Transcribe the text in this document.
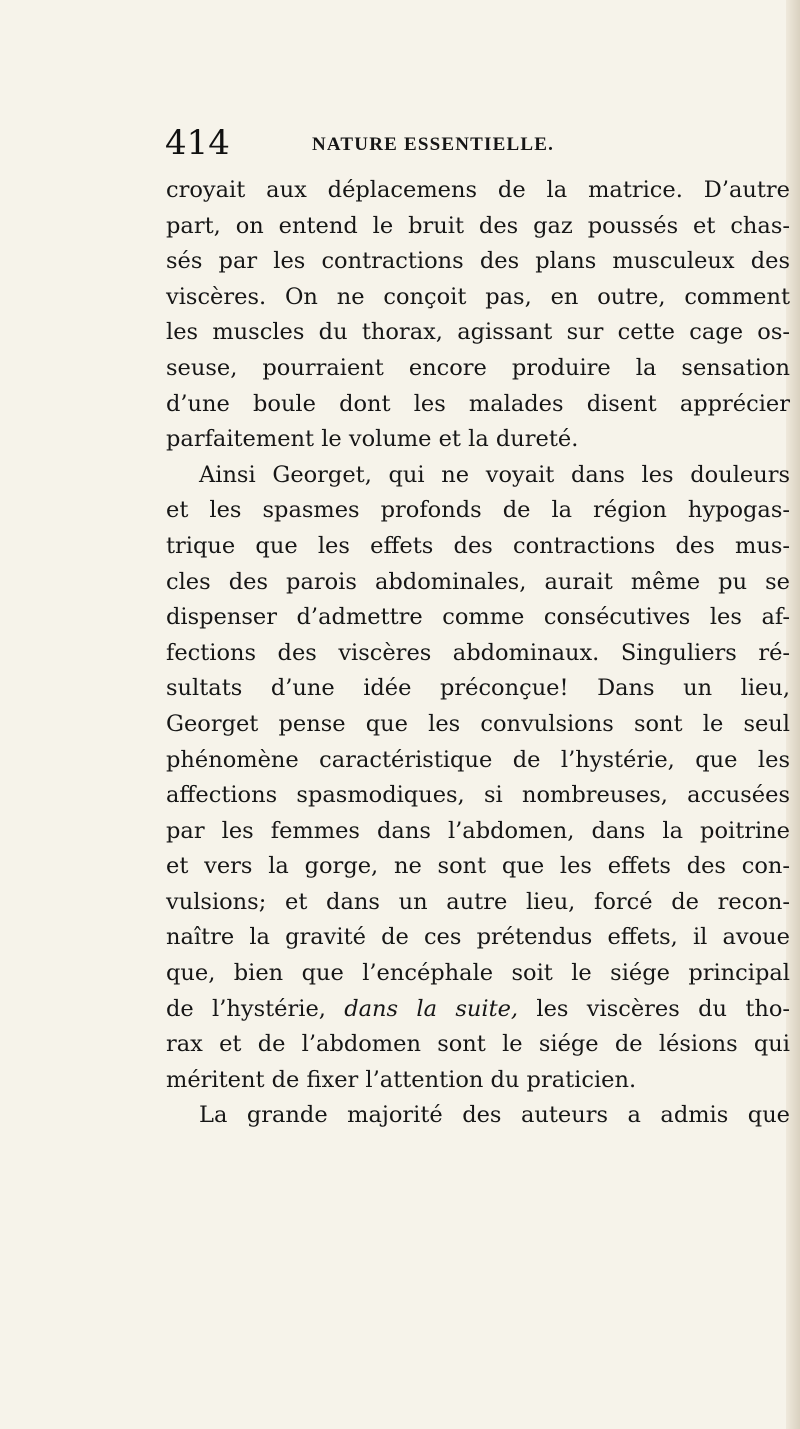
414	NATURE ESSENTIELLE.
croyait aux déplacemens de la matrice. D’autre
part, on entend le bruit des gaz poussés et chas-
sés par les contractions des plans musculeux des
viscères. On ne conçoit pas, en outre, comment
les muscles du thorax, agissant sur cette cage os-
seuse, pourraient encore produire la sensation
d’une boule dont les malades disent apprécier
parfaitement le volume et la dureté.
Ainsi Georget, qui ne voyait dans les douleurs
et les spasmes profonds de la région hypogas-
trique que les effets des contractions des mus-
cles des parois abdominales, aurait même pu se
dispenser d’admettre comme consécutives les af-
fections des viscères abdominaux. Singuliers ré-
sultats d’une idée préconçue! Dans un lieu,
Georget pense que les convulsions sont le seul
phénomène caractéristique de l’hystérie, que les
affections spasmodiques, si nombreuses, accusées
par les femmes dans l’abdomen, dans la poitrine
et vers la gorge, ne sont que les effets des con-
vulsions; et dans un autre lieu, forcé de recon-
naître la gravité de ces prétendus effets, il avoue
que, bien que l’encéphale soit le siége principal
de l’hystérie, dans la suite, les viscères du tho-
rax et de l’abdomen sont le siége de lésions qui
méritent de fixer l’attention du praticien.
La grande majorité des auteurs a admis que
